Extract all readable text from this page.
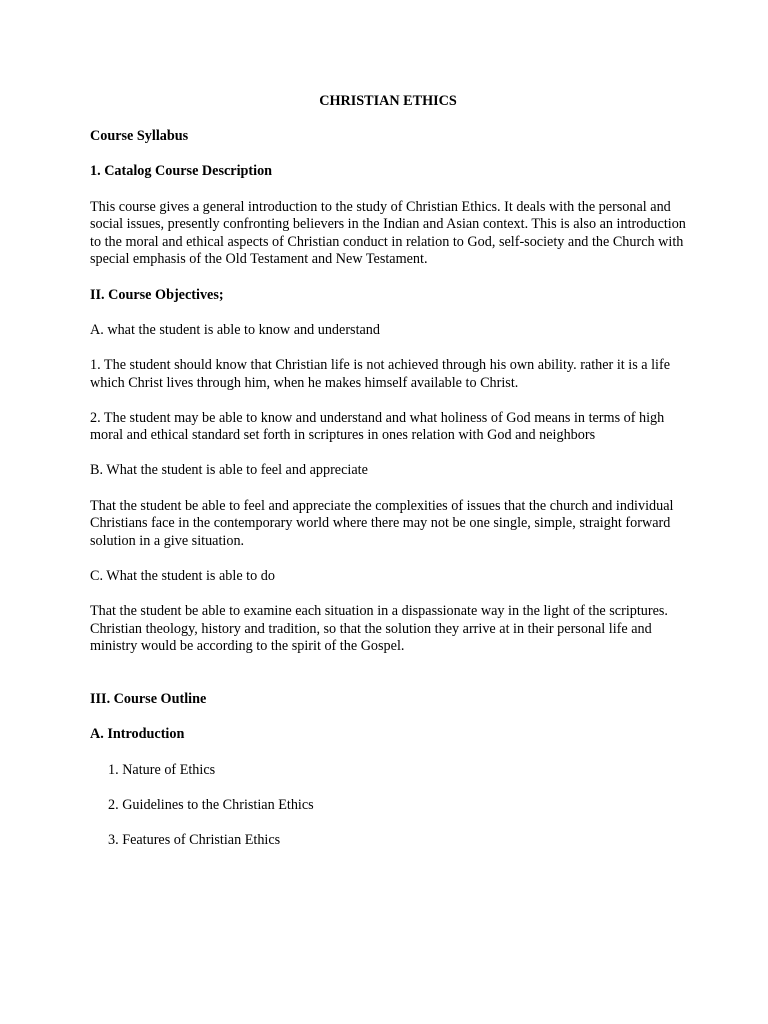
CHRISTIAN ETHICS

Course Syllabus
1. Catalog Course Description

This course gives a general introduction to the study of Christian Ethics. It deals with the personal and social issues, presently confronting believers in the Indian and Asian context. This is also an introduction to the moral and ethical aspects of Christian conduct in relation to God, self-society and the Church with special emphasis of the Old Testament and New Testament.

II. Course Objectives;

A. what the student is able to know and understand

1. The student should know that Christian life is not achieved through his own ability. rather it is a life which Christ lives through him, when he makes himself available to Christ.

2. The student may be able to know and understand and what holiness of God means in terms of high moral and ethical standard set forth in scriptures in ones relation with God and neighbors

B. What the student is able to feel and appreciate

That the student be able to feel and appreciate the complexities of issues that the church and individual Christians face in the contemporary world where there may not be one single, simple, straight forward solution in a give situation.

C. What the student is able to do

That the student be able to examine each situation in a dispassionate way in the light of the scriptures. Christian theology, history and tradition, so that the solution they arrive at in their personal life and ministry would be according to the spirit of the Gospel.

III. Course Outline
A. Introduction

1. Nature of Ethics

2. Guidelines to the Christian Ethics

3. Features of Christian Ethics
